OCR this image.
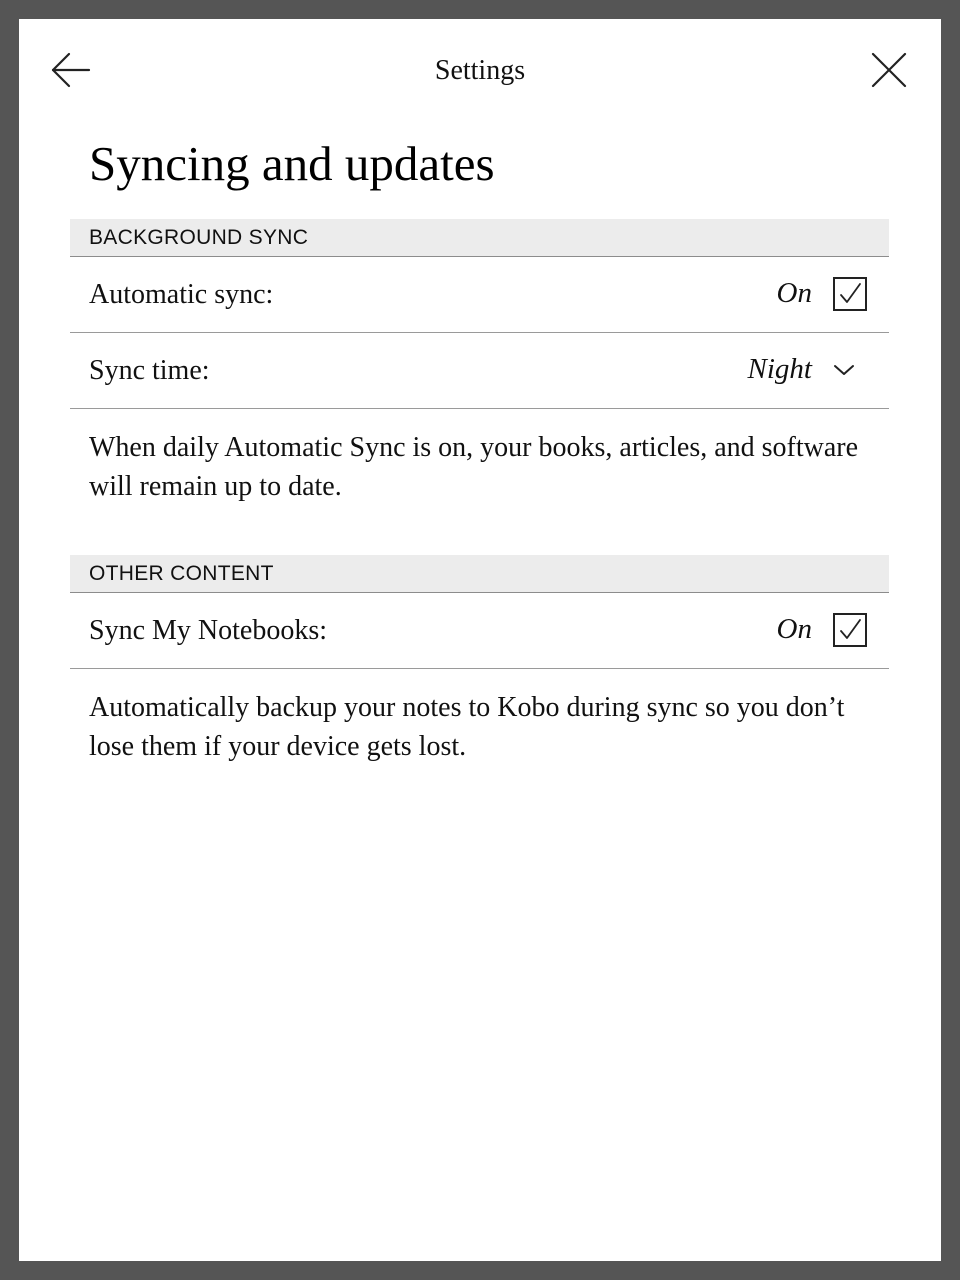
Settings
Syncing and updates
BACKGROUND SYNC
Automatic sync:	On
Sync time:	Night
When daily Automatic Sync is on, your books, articles, and software will remain up to date.
OTHER CONTENT
Sync My Notebooks:	On
Automatically backup your notes to Kobo during sync so you don’t lose them if your device gets lost.
